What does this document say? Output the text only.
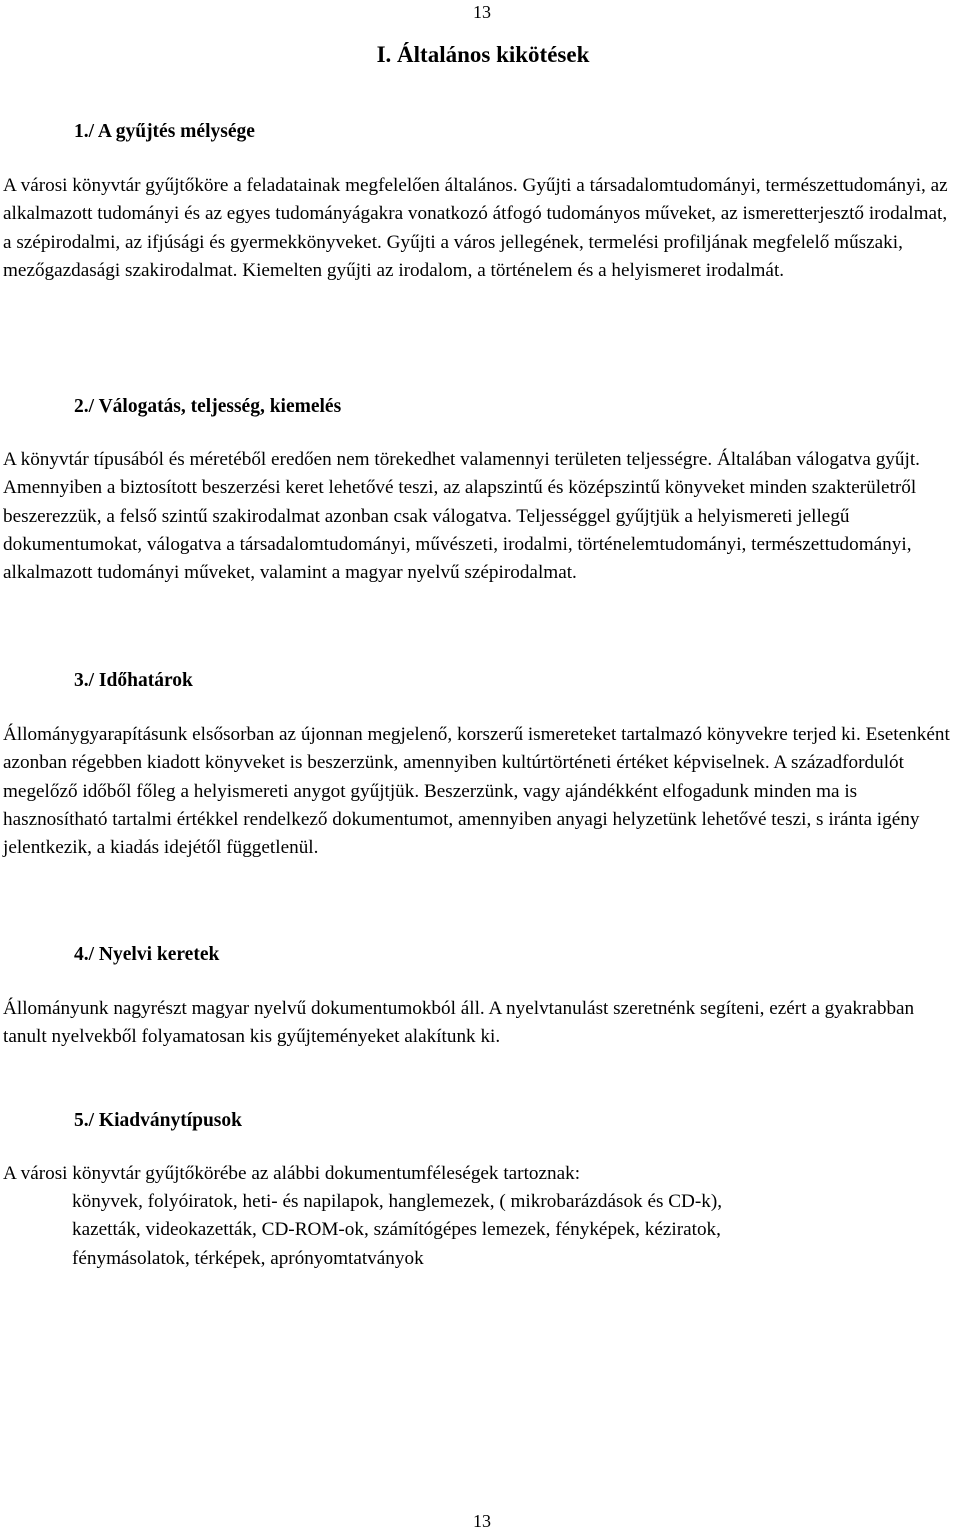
13
I. Általános kikötések
1./ A gyűjtés mélysége

A városi könyvtár gyűjtőköre a feladatainak megfelelően általános. Gyűjti a társadalomtudományi, természettudományi, az alkalmazott tudományi és az egyes tudományágakra vonatkozó átfogó tudományos műveket, az ismeretterjesztő irodalmat, a szépirodalmi, az ifjúsági és gyermekkönyveket. Gyűjti a város jellegének, termelési profiljának megfelelő műszaki, mezőgazdasági szakirodalmat. Kiemelten gyűjti az irodalom, a történelem és a helyismeret irodalmát.

2./ Válogatás, teljesség, kiemelés

A könyvtár típusából és méretéből eredően nem törekedhet valamennyi területen teljességre. Általában válogatva gyűjt. Amennyiben a biztosított beszerzési keret lehetővé teszi, az alapszintű és középszintű könyveket minden szakterületről beszerezzük, a felső szintű szakirodalmat azonban csak válogatva. Teljességgel gyűjtjük a helyismereti jellegű dokumentumokat, válogatva a társadalomtudományi, művészeti, irodalmi, történelemtudományi, természettudományi, alkalmazott tudományi műveket, valamint a magyar nyelvű szépirodalmat.

3./ Időhatárok

Állománygyarapításunk elsősorban az újonnan megjelenő, korszerű ismereteket tartalmazó könyvekre terjed ki. Esetenként azonban régebben kiadott könyveket is beszerzünk, amennyiben kultúrtörténeti értéket képviselnek. A századfordulót megelőző időből főleg a helyismereti anygot gyűjtjük. Beszerzünk, vagy ajándékként elfogadunk minden ma is hasznosítható tartalmi értékkel rendelkező dokumentumot, amennyiben anyagi helyzetünk lehetővé teszi, s iránta igény jelentkezik, a kiadás idejétől függetlenül.

4./ Nyelvi keretek

Állományunk nagyrészt magyar nyelvű dokumentumokból áll. A nyelvtanulást szeretnénk segíteni, ezért a gyakrabban tanult nyelvekből folyamatosan kis gyűjteményeket alakítunk ki.

5./ Kiadványtípusok

A városi könyvtár gyűjtőkörébe az alábbi dokumentumféleségek tartoznak:

könyvek, folyóiratok, heti- és napilapok, hanglemezek, ( mikrobarázdások és CD-k),
kazetták, videokazetták, CD-ROM-ok, számítógépes lemezek, fényképek, kéziratok,
fénymásolatok, térképek, aprónyomtatványok
13
